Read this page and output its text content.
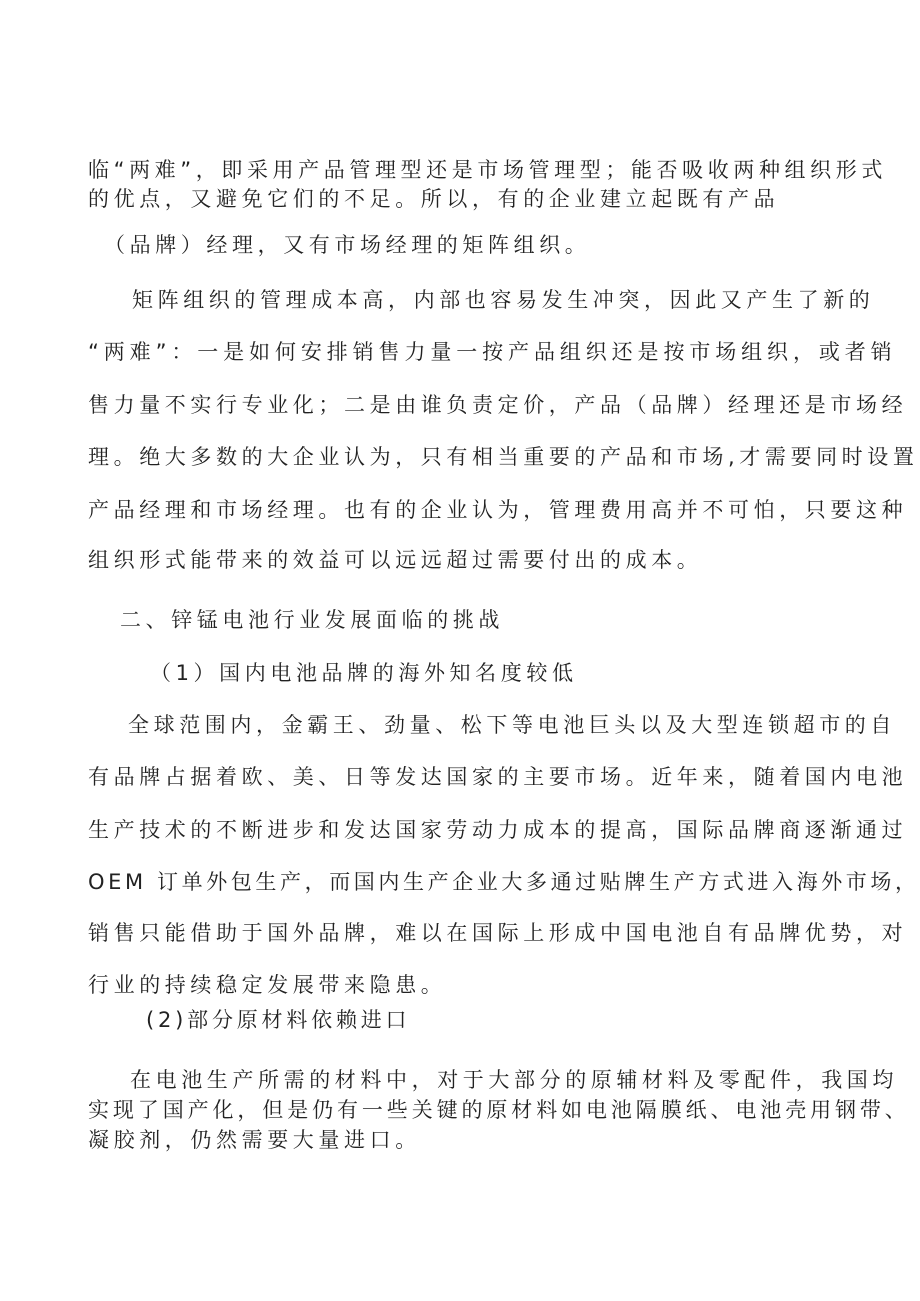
临“两难”，即采用产品管理型还是市场管理型；能否吸收两种组织形式
的优点，又避免它们的不足。所以，有的企业建立起既有产品
（品牌）经理，又有市场经理的矩阵组织。
矩阵组织的管理成本高，内部也容易发生冲突，因此又产生了新的
“两难”：一是如何安排销售力量一按产品组织还是按市场组织，或者销
售力量不实行专业化；二是由谁负责定价，产品（品牌）经理还是市场经
理。绝大多数的大企业认为，只有相当重要的产品和市场,才需要同时设置
产品经理和市场经理。也有的企业认为，管理费用高并不可怕，只要这种
组织形式能带来的效益可以远远超过需要付出的成本。
二、锌锰电池行业发展面临的挑战
（1）国内电池品牌的海外知名度较低
全球范围内，金霸王、劲量、松下等电池巨头以及大型连锁超市的自
有品牌占据着欧、美、日等发达国家的主要市场。近年来，随着国内电池
生产技术的不断进步和发达国家劳动力成本的提高，国际品牌商逐渐通过
OEM 订单外包生产，而国内生产企业大多通过贴牌生产方式进入海外市场，
销售只能借助于国外品牌，难以在国际上形成中国电池自有品牌优势，对
行业的持续稳定发展带来隐患。
(2)部分原材料依赖进口
在电池生产所需的材料中，对于大部分的原辅材料及零配件，我国均
实现了国产化，但是仍有一些关键的原材料如电池隔膜纸、电池壳用钢带、
凝胶剂，仍然需要大量进口。
